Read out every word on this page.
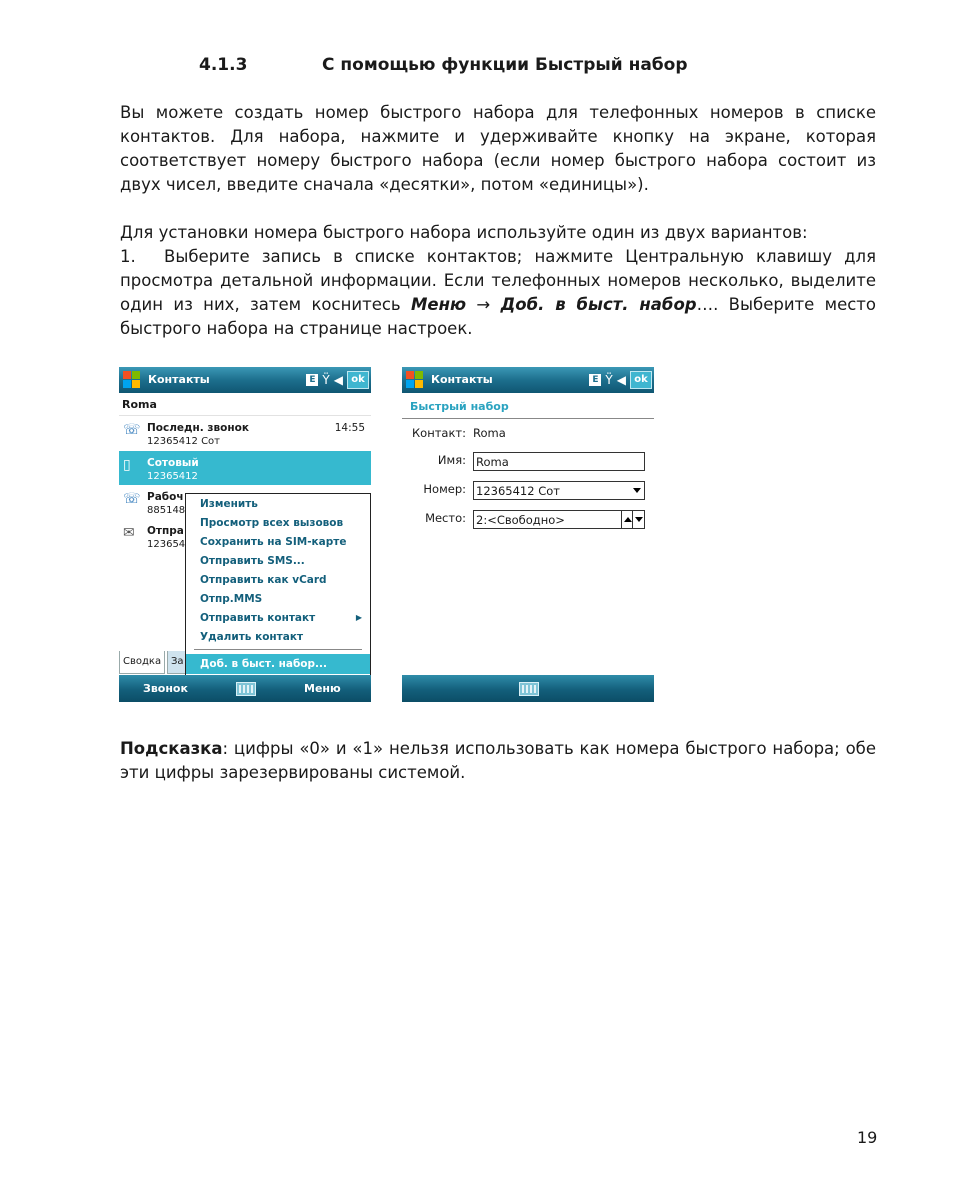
4.1.3	С помощью функции Быстрый набор

Вы можете создать номер быстрого набора для телефонных номеров в списке контактов. Для набора, нажмите и удерживайте кнопку на экране, которая соответствует номеру быстрого набора (если номер быстрого набора состоит из двух чисел, введите сначала «десятки», потом «единицы»).

Для установки номера быстрого набора используйте один из двух вариантов:

1. Выберите запись в списке контактов; нажмите Центральную клавишу для просмотра детальной информации. Если телефонных номеров несколько, выделите один из них, затем коснитесь Меню → Доб. в быст. набор…. Выберите место быстрого набора на странице настроек.

Контакты	E Ÿ ◀ ok
Roma
☏ Последн. звонок
12365412 Сот
14:55
▯	Сотовый
12365412
☏ Рабоч
885148
✉	Отпра
123654
Сводка За
Изменить
Просмотр всех вызовов
Сохранить на SIM-карте
Отправить SMS...
Отправить как vCard
Отпр.MMS
Отправить контакт	▶
Удалить контакт
Доб. в быст. набор...
Звонок	Меню
Контакты	E Ÿ ◀ ok
Быстрый набор
Контакт: Roma
Имя: Roma
Номер: 12365412 Сот
Место: 2:<Свободно>

Подсказка: цифры «0» и «1» нельзя использовать как номера быстрого набора; обе эти цифры зарезервированы системой.

19
